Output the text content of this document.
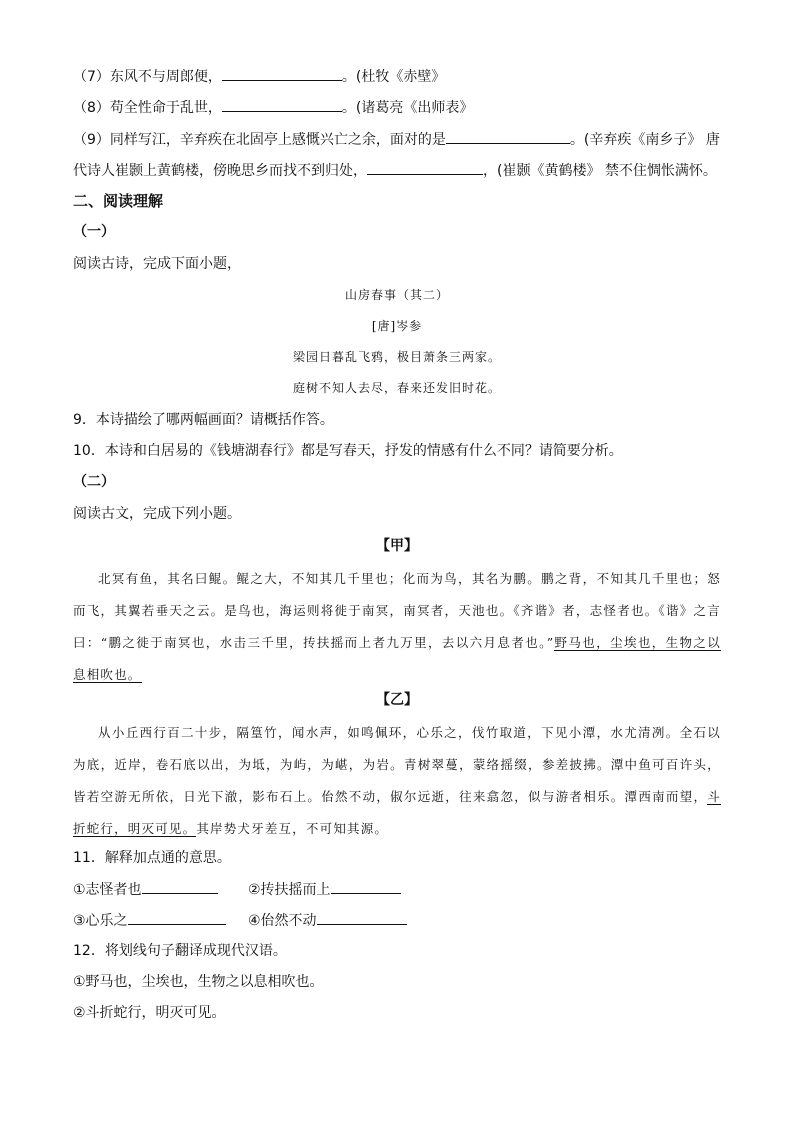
（7）东风不与周郎便，	。(杜牧《赤壁》
（8）苟全性命于乱世，	。(诸葛亮《出师表》
（9）同样写江，辛弃疾在北固亭上感慨兴亡之余，面对的是	。(辛弃疾《南乡子》 唐
代诗人崔颢上黄鹤楼，傍晚思乡而找不到归处，	，(崔颢《黄鹤楼》 禁不住惆怅满怀。
二、阅读理解
（一）
阅读古诗，完成下面小题，
山房春事（其二）
[唐]岑参
梁园日暮乱飞鸦，极目萧条三两家。
庭树不知人去尽，春来还发旧时花。
9．本诗描绘了哪两幅画面？请概括作答。
10．本诗和白居易的《钱塘湖春行》都是写春天，抒发的情感有什么不同？请简要分析。
（二）
阅读古文，完成下列小题。
【甲】
北冥有鱼，其名曰鲲。鲲之大，不知其几千里也；化而为鸟，其名为鹏。鹏之背，不知其几千里也；怒而飞，其翼若垂天之云。是鸟也，海运则将徙于南冥，南冥者，天池也。《齐谐》者，志怪者也。《谐》之言曰：“鹏之徙于南冥也，水击三千里，抟扶摇而上者九万里，去以六月息者也。”野马也，尘埃也，生物之以息相吹也。
【乙】
从小丘西行百二十步，隔篁竹，闻水声，如鸣佩环，心乐之，伐竹取道，下见小潭，水尤清冽。全石以为底，近岸，卷石底以出，为坻，为屿，为嵁，为岩。青树翠蔓，蒙络摇缀，参差披拂。潭中鱼可百许头，皆若空游无所依，日光下澈，影布石上。佁然不动，俶尔远逝，往来翕忽，似与游者相乐。潭西南而望，斗折蛇行，明灭可见。其岸势犬牙差互，不可知其源。
11．解释加点通的意思。
①志怪者也	②抟扶摇而上
③心乐之	④佁然不动
12．将划线句子翻译成现代汉语。
①野马也，尘埃也，生物之以息相吹也。
②斗折蛇行，明灭可见。
